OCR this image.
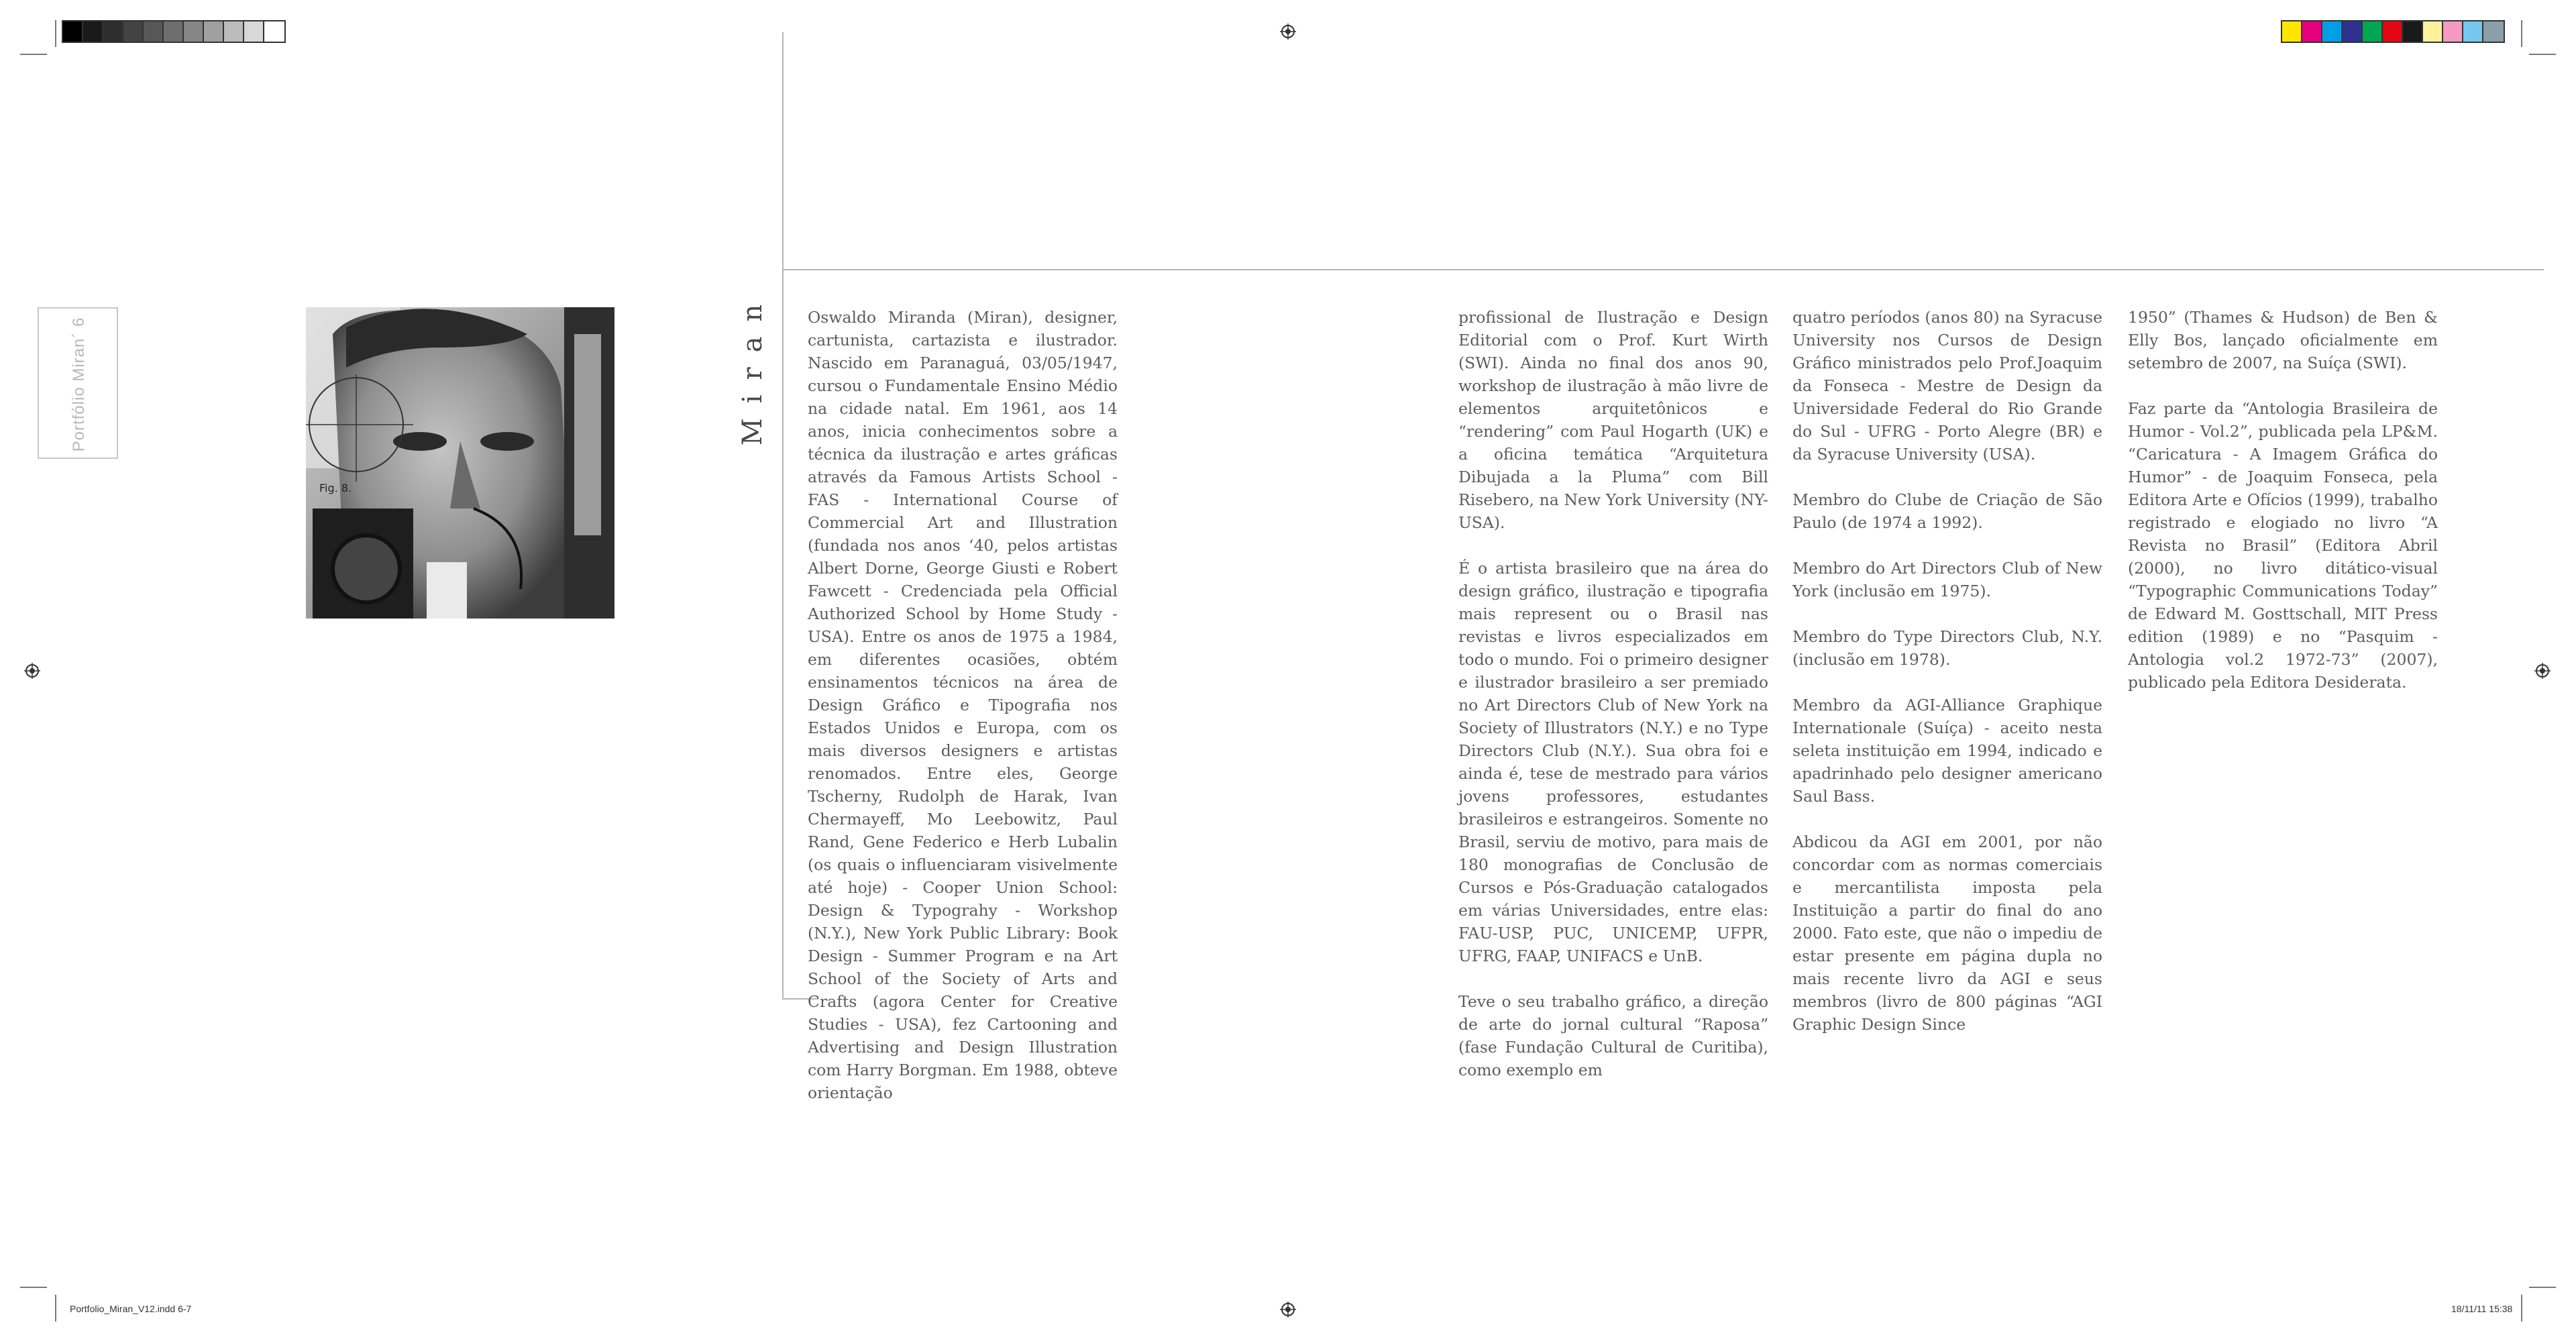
Portfólio Miran´ 6
Fig. 8.
Miran	Oswaldo Miranda (Miran), designer, cartunista, cartazista e ilustrador. Nascido em Paranaguá, 03/05/1947, cursou o Fundamentale Ensino Médio na cidade natal. Em 1961, aos 14 anos, inicia conhecimentos sobre a técnica da ilustração e artes gráficas através da Famous Artists School - FAS - International Course of Commercial Art and Illustration (fundada nos anos ‘40, pelos artistas Albert Dorne, George Giusti e Robert Fawcett - Credenciada pela Official Authorized School by Home Study - USA). Entre os anos de 1975 a 1984, em diferentes ocasiões, obtém ensinamentos técnicos na área de Design Gráfico e Tipografia nos Estados Unidos e Europa, com os mais diversos designers e artistas renomados. Entre eles, George Tscherny, Rudolph de Harak, Ivan Chermayeff, Mo Leebowitz, Paul Rand, Gene Federico e Herb Lubalin (os quais o influenciaram visivelmente até hoje) - Cooper Union School: Design & Typograhy - Workshop (N.Y.), New York Public Library: Book Design - Summer Program e na Art School of the Society of Arts and Crafts (agora Center for Creative Studies - USA), fez Cartooning and Advertising and Design Illustration com Harry Borgman. Em 1988, obteve orientação

profissional de Ilustração e Design Editorial com o Prof. Kurt Wirth (SWI). Ainda no final dos anos 90, workshop de ilustração à mão livre de elementos arquitetônicos e “rendering” com Paul Hogarth (UK) e a oficina temática “Arquitetura Dibujada a la Pluma” com Bill Risebero, na New York University (NY-USA).

É o artista brasileiro que na área do design gráfico, ilustração e tipografia mais represent ou o Brasil nas revistas e livros especializados em todo o mundo. Foi o primeiro designer e ilustrador brasileiro a ser premiado no Art Directors Club of New York na Society of Illustrators (N.Y.) e no Type Directors Club (N.Y.). Sua obra foi e ainda é, tese de mestrado para vários jovens professores, estudantes brasileiros e estrangeiros. Somente no Brasil, serviu de motivo, para mais de 180 monografias de Conclusão de Cursos e Pós-Graduação catalogados em várias Universidades, entre elas: FAU-USP, PUC, UNICEMP, UFPR, UFRG, FAAP, UNIFACS e UnB.

Teve o seu trabalho gráfico, a direção de arte do jornal cultural “Raposa” (fase Fundação Cultural de Curitiba), como exemplo em

quatro períodos (anos 80) na Syracuse University nos Cursos de Design Gráfico ministrados pelo Prof.Joaquim da Fonseca - Mestre de Design da Universidade Federal do Rio Grande do Sul - UFRG - Porto Alegre (BR) e da Syracuse University (USA).

Membro do Clube de Criação de São Paulo (de 1974 a 1992).

Membro do Art Directors Club of New York (inclusão em 1975).

Membro do Type Directors Club, N.Y. (inclusão em 1978).

Membro da AGI-Alliance Graphique Internationale (Suíça) - aceito nesta seleta instituição em 1994, indicado e apadrinhado pelo designer americano Saul Bass.

Abdicou da AGI em 2001, por não concordar com as normas comerciais e mercantilista imposta pela Instituição a partir do final do ano 2000. Fato este, que não o impediu de estar presente em página dupla no mais recente livro da AGI e seus membros (livro de 800 páginas “AGI Graphic Design Since

1950” (Thames & Hudson) de Ben & Elly Bos, lançado oficialmente em setembro de 2007, na Suíça (SWI).

Faz parte da “Antologia Brasileira de Humor - Vol.2”, publicada pela LP&M. “Caricatura - A Imagem Gráfica do Humor” - de Joaquim Fonseca, pela Editora Arte e Ofícios (1999), trabalho registrado e elogiado no livro “A Revista no Brasil” (Editora Abril (2000), no livro ditático-visual “Typographic Communications Today” de Edward M. Gosttschall, MIT Press edition (1989) e no “Pasquim - Antologia vol.2 1972-73” (2007), publicado pela Editora Desiderata.

Portfolio_Miran_V12.indd 6-7	18/11/11 15:38
